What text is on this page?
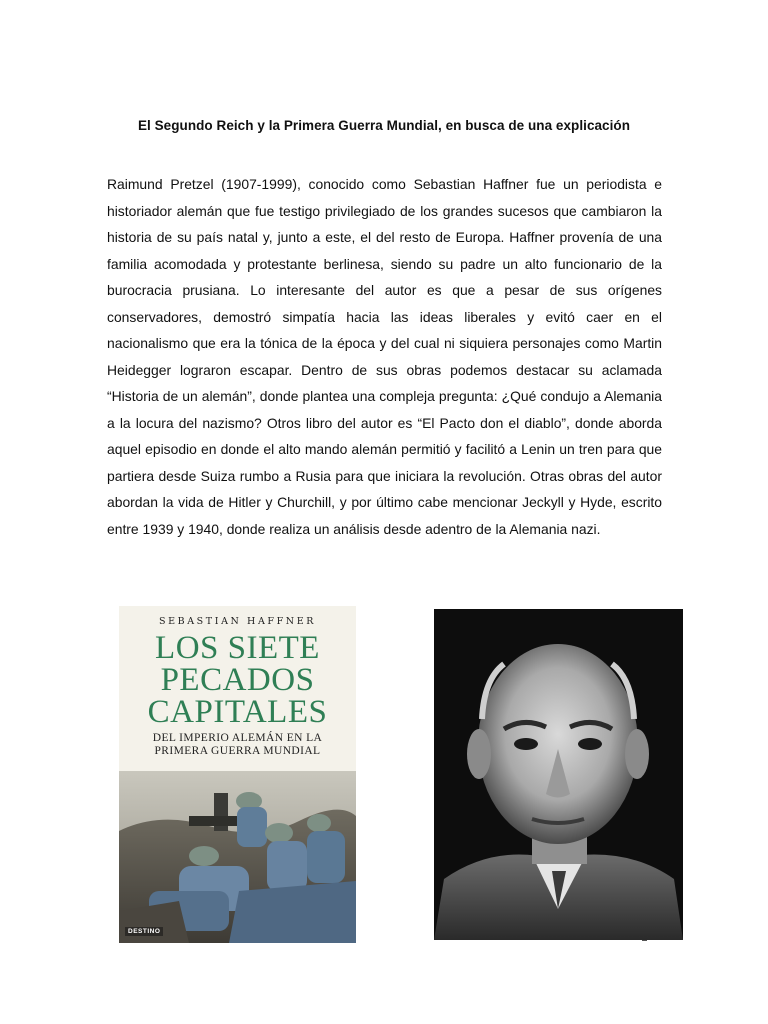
El Segundo Reich y la Primera Guerra Mundial, en busca de una explicación

Raimund Pretzel (1907-1999), conocido como Sebastian Haffner fue un periodista e historiador alemán que fue testigo privilegiado de los grandes sucesos que cambiaron la historia de su país natal y, junto a este, el del resto de Europa. Haffner provenía de una familia acomodada y protestante berlinesa, siendo su padre un alto funcionario de la burocracia prusiana. Lo interesante del autor es que a pesar de sus orígenes conservadores, demostró simpatía hacia las ideas liberales y evitó caer en el nacionalismo que era la tónica de la época y del cual ni siquiera personajes como Martin Heidegger lograron escapar. Dentro de sus obras podemos destacar su aclamada “Historia de un alemán”, donde plantea una compleja pregunta: ¿Qué condujo a Alemania a la locura del nazismo? Otros libro del autor es “El Pacto don el diablo”, donde aborda aquel episodio en donde el alto mando alemán permitió y facilitó a Lenin un tren para que partiera desde Suiza rumbo a Rusia para que iniciara la revolución. Otras obras del autor abordan la vida de Hitler y Churchill, y por último cabe mencionar Jeckyll y Hyde, escrito entre 1939 y 1940, donde realiza un análisis desde adentro de la Alemania nazi.

SEBASTIAN HAFFNER
LOS SIETE
PECADOS
CAPITALES
DEL IMPERIO ALEMÁN EN LA
PRIMERA GUERRA MUNDIAL
DESTINO
